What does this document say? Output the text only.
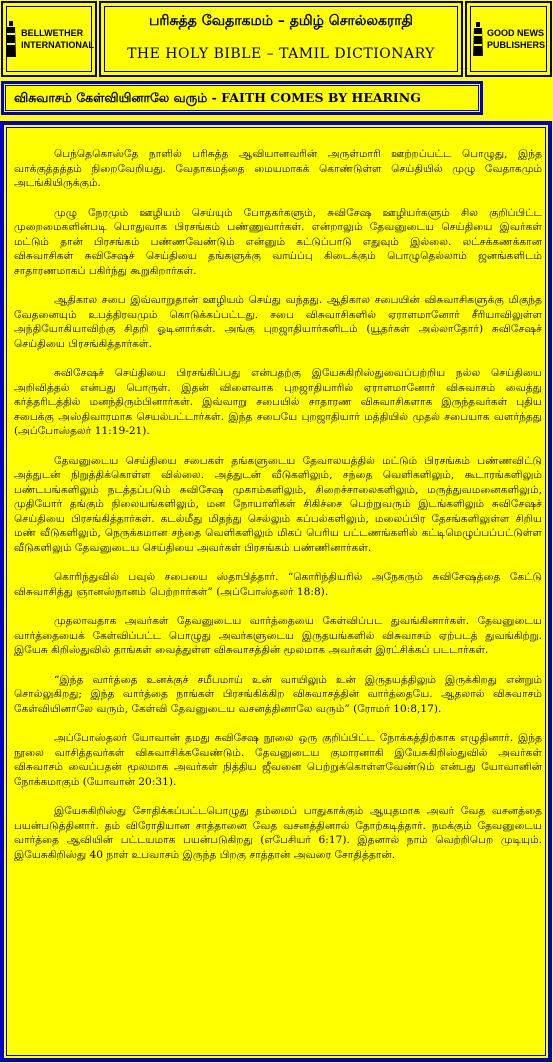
BELLWETHER
INTERNATIONAL
பரிசுத்த வேதாகமம் – தமிழ் சொல்லகராதி
THE HOLY BIBLE – TAMIL DICTIONARY
GOOD NEWS
PUBLISHERS
விசுவாசம் கேள்வியினாலே வரும் - FAITH COMES BY HEARING

பெந்தெகொஸ்தே நாளில் பரிசுத்த ஆவியானவரின் அருள்மாரி ஊற்றப்பட்ட பொழுது, இந்த வாக்குத்தத்தம் நிறைவேறியது. வேதாகமத்தை மையமாகக் கொண்டுள்ள செய்தியில் முழு வேதாகமும் அடங்கியிருக்கும்.

முழு நேரமும் ஊழியம் செய்யும் போதகர்களும், சுவிசேஷ ஊழியர்களும் சில குறிப்பிட்ட முறைமைகளின்படி பொதுவாக பிரசங்கம் பண்ணுவார்கள். என்றாலும் தேவனுடைய செய்தியை இவர்கள் மட்டும் தான் பிரசங்கம் பண்ணவேண்டும் என்னும் கட்டுப்பாடு எதுவும் இல்லை. லட்சக்கணக்கான விசுவாசிகள் சுவிசேஷச் செய்தியை தங்களுக்கு வாய்ப்பு கிடைக்கும் பொழுதெல்லாம் ஜனங்களிடம் சாதாரணமாகப் பகிர்ந்து கூறுகிறார்கள்.

ஆதிகால சபை இவ்வாறுதான் ஊழியம் செய்து வந்தது. ஆதிகால சபையின் விசுவாசிகளுக்கு மிகுந்த வேதனையும் உபத்திரவமும் கொடுக்கப்பட்டது. சபை விசுவாசிகளில் ஏராளமானோர் சீரியாவிலுள்ள அந்தியோகியாவிற்கு சிதறி ஓடினார்கள். அங்கு புறஜாதியார்களிடம் (யூதர்கள் அல்லாதோர்) சுவிசேஷச் செய்தியை பிரசங்கித்தார்கள்.

சுவிசேஷச் செய்தியை பிரசங்கிப்பது என்பதற்கு இயேசுகிறிஸ்துவைப்பற்றிய நல்ல செய்தியை அறிவித்தல் என்பது பொருள். இதன் விளைவாக புறஜாதியாரில் ஏராளமானோர் விசுவாசம் வைத்து கர்த்தரிடத்தில் மனந்திரும்பினார்கள். இவ்வாறு சபையில் சாதாரண விசுவாசிகளாக இருந்தவர்கள் புதிய சபைக்கு அஸ்திவாரமாக செயல்பட்டார்கள். இந்த சபையே புறஜாதியார் மத்தியில் முதல் சபையாக வளர்ந்தது (அப்போஸ்தலர் 11:19-21).

தேவனுடைய செய்தியை சபைகள் தங்களுடைய தேவாலயத்தில் மட்டும் பிரசங்கம் பண்ணவிட்டு அத்துடன் நிறுத்திக்கொள்ள வில்லை. அத்துடன் வீடுகளிலும், சந்தை வெளிகளிலும், கூடாரங்களிலும் பண்டபங்களிலும் நடத்தப்படும் சுவிசேஷ முகாம்களிலும், சிறைச்சாலைகளிலும், மருத்துவமனைகளிலும், முதியோர் தங்கும் நிலையங்களிலும், மன நோயாளிகள் சிகிச்சை பெற்றுவரும் இடங்களிலும் சுவிசேஷச் செய்தியை பிரசங்கித்தார்கள். கடல்மீது மிதந்து செல்லும் கப்பல்களிலும், மலைப்பிர தேசங்களிலுள்ள சிறிய மண் வீடுகளிலும், நெருக்கமான சந்தை வெளிகளிலும் மிகப் பெரிய பட்டணங்களில் கட்டிமெழுப்பப்பட்டுள்ள வீடுகளிலும் தேவனுடைய செய்தியை அவர்கள் பிரசங்கம் பண்ணினார்கள்.

கொரிந்துவில் பவுல் சபையை ஸ்தாபித்தார். “கொரிந்தியரில் அநேகரும் சுவிசேஷத்தை கேட்டு விசுவாசித்து ஞானஸ்நானம் பெற்றார்கள்” (அப்போஸ்தலர் 18:8).

முதலாவதாக அவர்கள் தேவனுடைய வார்த்தையை கேள்விப்பட துவங்கினார்கள். தேவனுடைய வார்த்தையைக் கேள்விப்பட்ட பொழுது அவர்களுடைய இருதயங்களில் விசுவாசம் ஏற்படத் துவங்கிற்று. இயேசு கிறிஸ்துவில் தாங்கள் வைத்துள்ள விசுவாசத்தின் மூலமாக அவர்கள் இரட்சிக்கப் படடார்கள்.

“இந்த வார்த்தை உனக்குச் சமீபமாய் உன் வாயிலும் உன் இருதயத்திலும் இருக்கிறது என்றும் சொல்லுகிறது; இந்த வார்த்தை நாங்கள் பிரசங்கிக்கிற விசுவாசத்தின் வார்த்தையே. ஆதலால் விசுவாசம் கேள்வியினாலே வரும், கேள்வி தேவனுடைய வசனத்தினாலே வரும்” (ரோமர் 10:8,17).

அப்போஸ்தலர் யோவான் தமது சுவிசேஷ நூலை ஒரு குறிப்பிட்ட நோக்கத்திற்காக எழுதினார். இந்த நூலை வாசித்தவர்கள் விசுவாசிக்கவேண்டும். தேவனுடைய குமாரனாகி இயேசுகிறிஸ்துவில் அவர்கள் விசுவாசம் வைப்பதன் மூலமாக அவர்கள் நித்திய ஜீவனை பெற்றுக்கொள்ளவேண்டும் என்பது யோவானின் நோக்கமாகும் (யோவான் 20:31).

இயேசுகிறிஸ்து சோதிக்கப்பட்டபொழுது தம்மைப் பாதுகாக்கும் ஆயுதமாக அவர் வேத வசனத்தை பயன்படுத்தினார். தம் விரோதியான சாத்தானை வேத வசனத்தினால் தோற்கடித்தார். நமக்கும் தேவனுடைய வார்த்தை ஆவியின் பட்டயமாக பயன்படுகிறது (எபேசியர் 6:17). இதனால் நாம் வெற்றிபெற முடியும். இயேசுகிறிஸ்து 40 நாள் உபவாசம் இருந்த பிறகு சாத்தான் அவரை சோதித்தான்.
